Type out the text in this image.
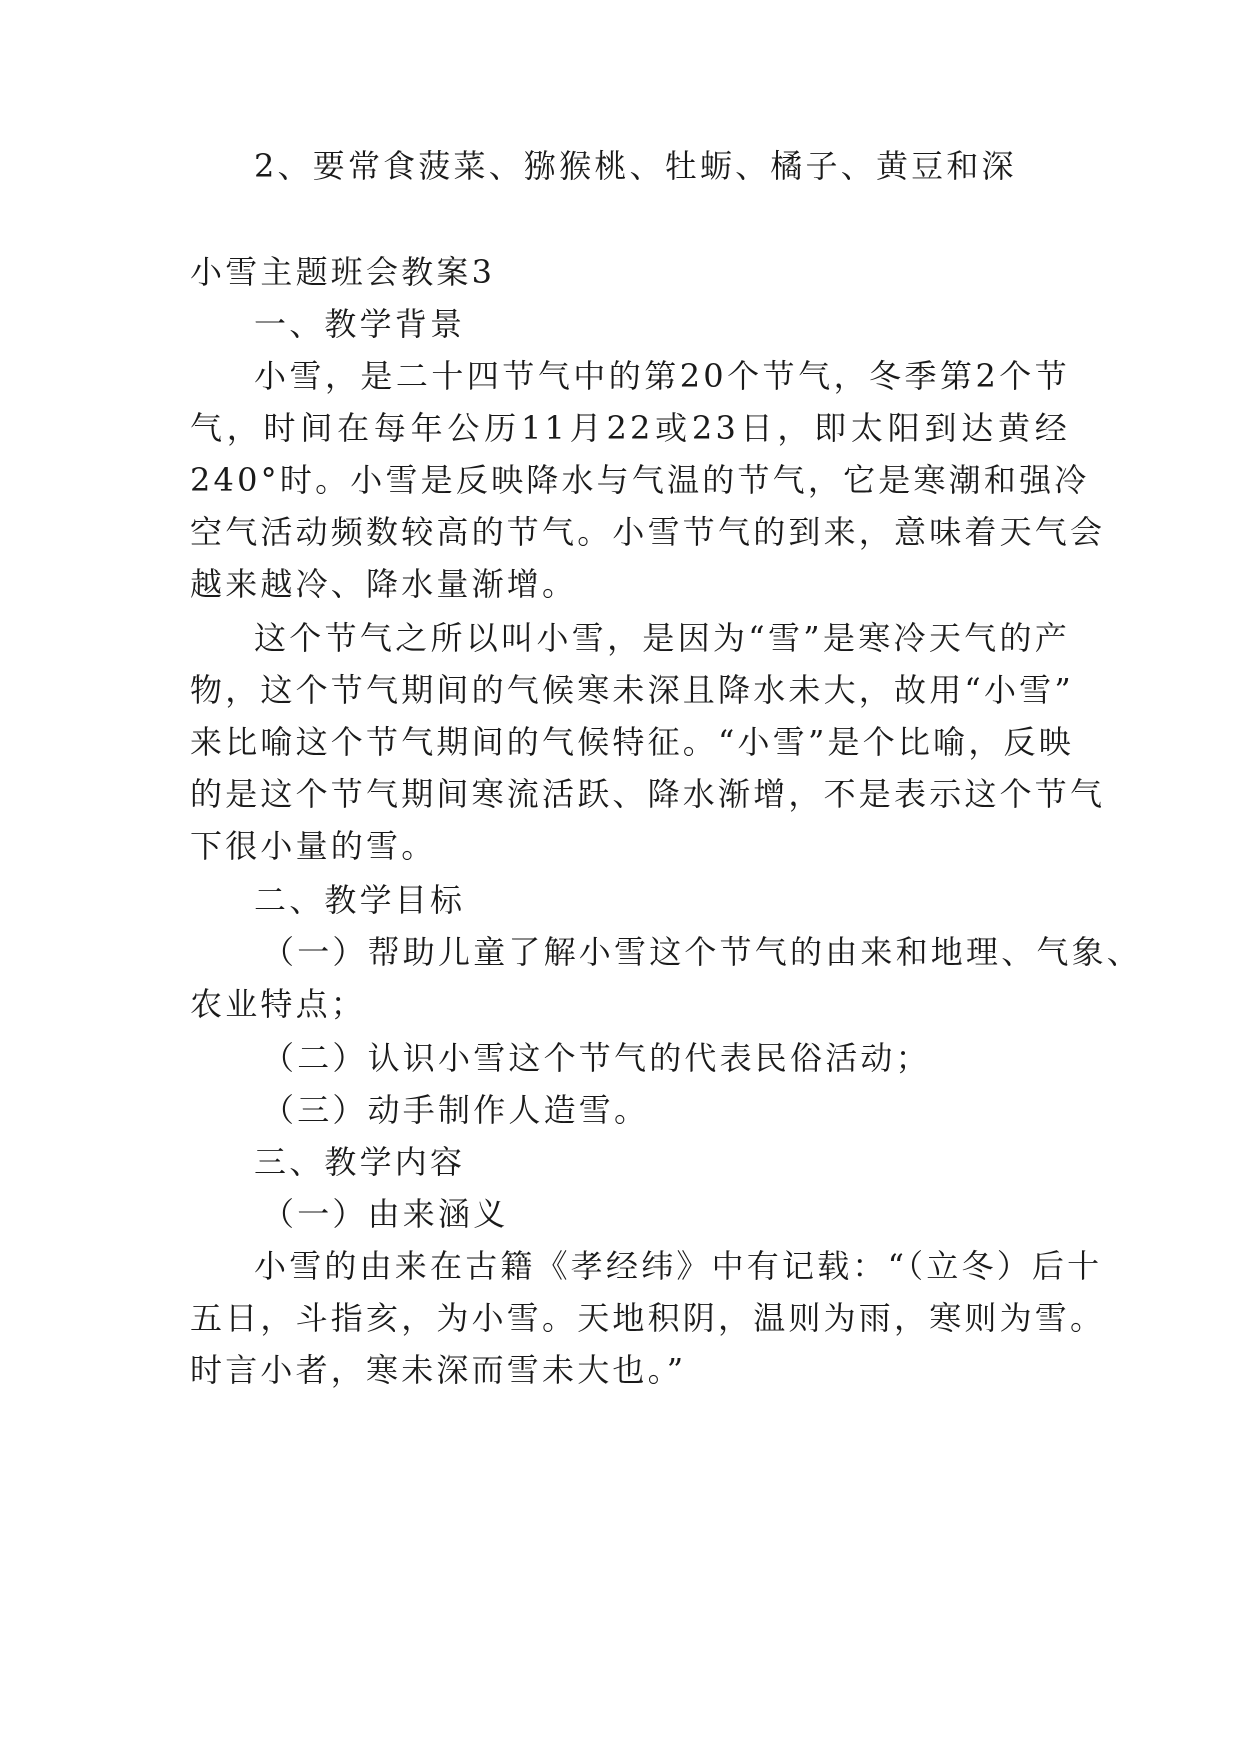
2、要常食菠菜、猕猴桃、牡蛎、橘子、黄豆和深
小雪主题班会教案3
一、教学背景
小雪，是二十四节气中的第20个节气，冬季第2个节
气，时间在每年公历11月22或23日，即太阳到达黄经
240°时。小雪是反映降水与气温的节气，它是寒潮和强冷
空气活动频数较高的节气。小雪节气的到来，意味着天气会
越来越冷、降水量渐增。
这个节气之所以叫小雪，是因为“雪”是寒冷天气的产
物，这个节气期间的气候寒未深且降水未大，故用“小雪”
来比喻这个节气期间的气候特征。“小雪”是个比喻，反映
的是这个节气期间寒流活跃、降水渐增，不是表示这个节气
下很小量的雪。
二、教学目标
（一）帮助儿童了解小雪这个节气的由来和地理、气象、
农业特点；
（二）认识小雪这个节气的代表民俗活动；
（三）动手制作人造雪。
三、教学内容
（一）由来涵义
小雪的由来在古籍《孝经纬》中有记载：“（立冬）后十
五日，斗指亥，为小雪。天地积阴，温则为雨，寒则为雪。
时言小者，寒未深而雪未大也。”
